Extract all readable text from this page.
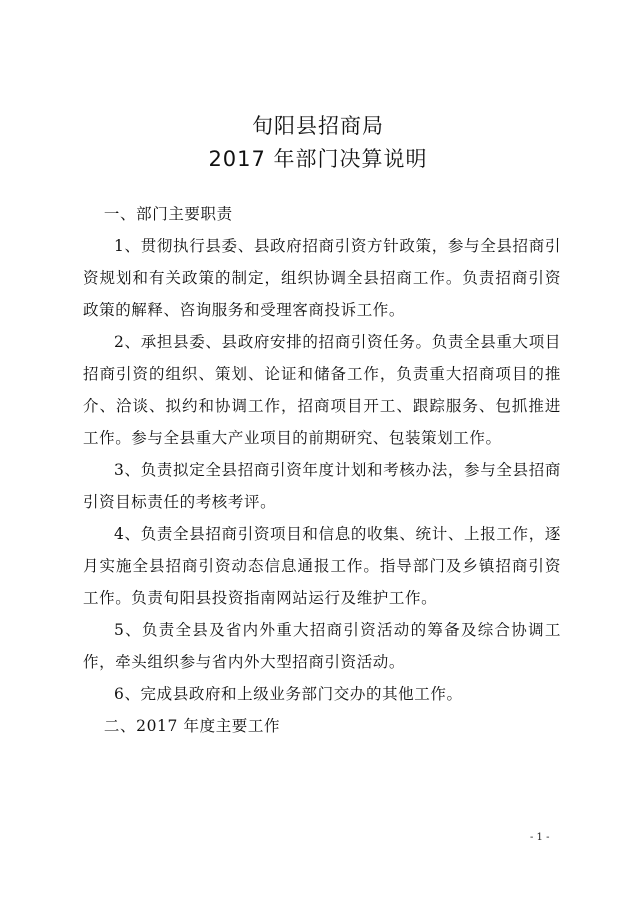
旬阳县招商局
2017 年部门决算说明

一、部门主要职责

1、贯彻执行县委、县政府招商引资方针政策，参与全县招商引资规划和有关政策的制定，组织协调全县招商工作。负责招商引资政策的解释、咨询服务和受理客商投诉工作。

2、承担县委、县政府安排的招商引资任务。负责全县重大项目招商引资的组织、策划、论证和储备工作，负责重大招商项目的推介、洽谈、拟约和协调工作，招商项目开工、跟踪服务、包抓推进工作。参与全县重大产业项目的前期研究、包装策划工作。

3、负责拟定全县招商引资年度计划和考核办法，参与全县招商引资目标责任的考核考评。

4、负责全县招商引资项目和信息的收集、统计、上报工作，逐月实施全县招商引资动态信息通报工作。指导部门及乡镇招商引资工作。负责旬阳县投资指南网站运行及维护工作。

5、负责全县及省内外重大招商引资活动的筹备及综合协调工作，牵头组织参与省内外大型招商引资活动。

6、完成县政府和上级业务部门交办的其他工作。

二、2017 年度主要工作

- 1 -
